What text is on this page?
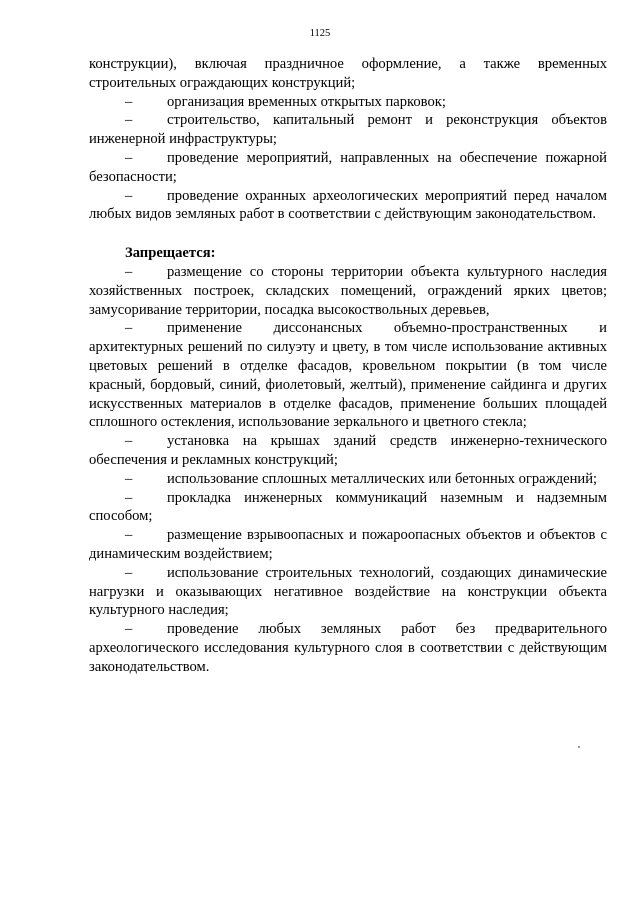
1125

конструкции), включая праздничное оформление, а также временных строительных ограждающих конструкций;

– организация временных открытых парковок;

– строительство, капитальный ремонт и реконструкция объектов инженерной инфраструктуры;

– проведение мероприятий, направленных на обеспечение пожарной безопасности;

– проведение охранных археологических мероприятий перед началом любых видов земляных работ в соответствии с действующим законодательством.

Запрещается:

– размещение со стороны территории объекта культурного наследия хозяйственных построек, складских помещений, ограждений ярких цветов; замусоривание территории, посадка высокоствольных деревьев,

– применение диссонансных объемно-пространственных и архитектурных решений по силуэту и цвету, в том числе использование активных цветовых решений в отделке фасадов, кровельном покрытии (в том числе красный, бордовый, синий, фиолетовый, желтый), применение сайдинга и других искусственных материалов в отделке фасадов, применение больших площадей сплошного остекления, использование зеркального и цветного стекла;

– установка на крышах зданий средств инженерно-технического обеспечения и рекламных конструкций;

– использование сплошных металлических или бетонных ограждений;

– прокладка инженерных коммуникаций наземным и надземным способом;

– размещение взрывоопасных и пожароопасных объектов и объектов с динамическим воздействием;

– использование строительных технологий, создающих динамические нагрузки и оказывающих негативное воздействие на конструкции объекта культурного наследия;

– проведение любых земляных работ без предварительного археологического исследования культурного слоя в соответствии с действующим законодательством.
